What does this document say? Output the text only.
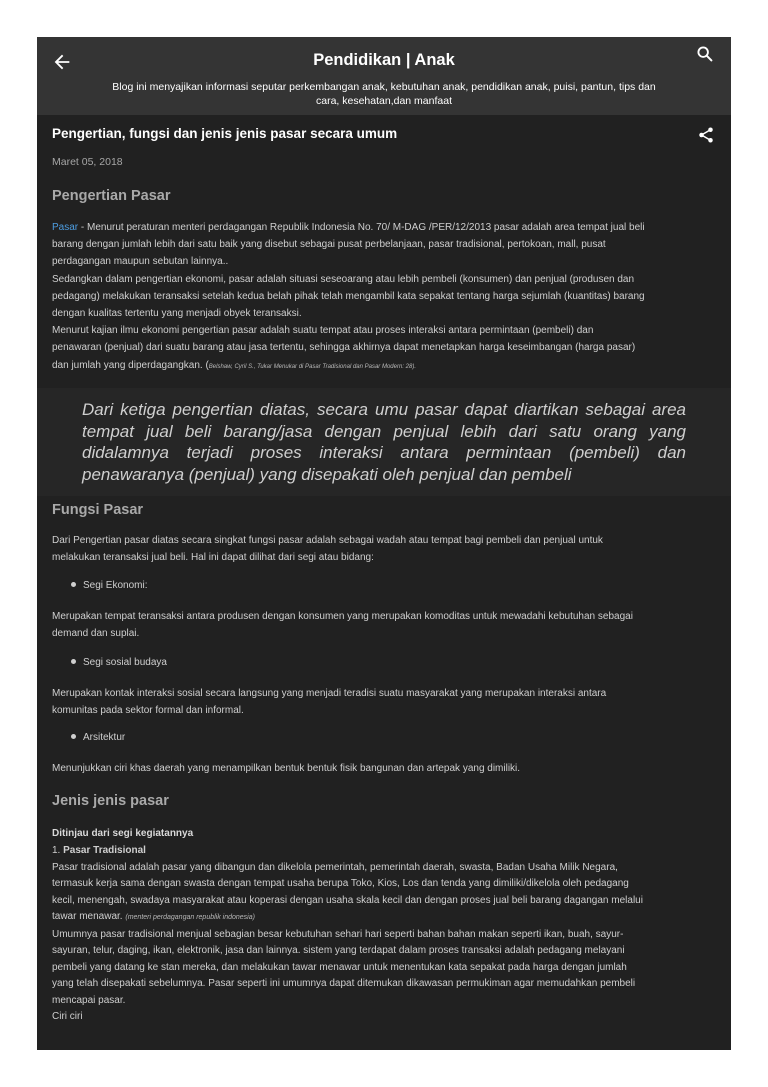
Pendidikan | Anak
Blog ini menyajikan informasi seputar perkembangan anak, kebutuhan anak, pendidikan anak, puisi, pantun, tips dan
cara, kesehatan,dan manfaat
Pengertian, fungsi dan jenis jenis pasar secara umum
Maret 05, 2018
Pengertian Pasar
Pasar - Menurut peraturan menteri perdagangan Republik Indonesia No. 70/ M-DAG /PER/12/2013 pasar adalah area tempat jual beli
barang dengan jumlah lebih dari satu baik yang disebut sebagai pusat perbelanjaan, pasar tradisional, pertokoan, mall, pusat
perdagangan maupun sebutan lainnya..
Sedangkan dalam pengertian ekonomi, pasar adalah situasi seseoarang atau lebih pembeli (konsumen) dan penjual (produsen dan
pedagang) melakukan teransaksi setelah kedua belah pihak telah mengambil kata sepakat tentang harga sejumlah (kuantitas) barang
dengan kualitas tertentu yang menjadi obyek teransaksi.
Menurut kajian ilmu ekonomi pengertian pasar adalah suatu tempat atau proses interaksi antara permintaan (pembeli) dan
penawaran (penjual) dari suatu barang atau jasa tertentu, sehingga akhirnya dapat menetapkan harga keseimbangan (harga pasar)
dan jumlah yang diperdagangkan. (Belshaw, Cyril S., Tukar Menukar di Pasar Tradisional dan Pasar Modern: 28).
Dari ketiga pengertian diatas, secara umu pasar dapat diartikan sebagai area
tempat jual beli barang/jasa dengan penjual lebih dari satu orang yang
didalamnya terjadi proses interaksi antara permintaan (pembeli) dan
penawaranya (penjual) yang disepakati oleh penjual dan pembeli
Fungsi Pasar
Dari Pengertian pasar diatas secara singkat fungsi pasar adalah sebagai wadah atau tempat bagi pembeli dan penjual untuk
melakukan teransaksi jual beli. Hal ini dapat dilihat dari segi atau bidang:
Segi Ekonomi:
Merupakan tempat teransaksi antara produsen dengan konsumen yang merupakan komoditas untuk mewadahi kebutuhan sebagai
demand dan suplai.
Segi sosial budaya
Merupakan kontak interaksi sosial secara langsung yang menjadi teradisi suatu masyarakat yang merupakan interaksi antara
komunitas pada sektor formal dan informal.
Arsitektur
Menunjukkan ciri khas daerah yang menampilkan bentuk bentuk fisik bangunan dan artepak yang dimiliki.
Jenis jenis pasar
Ditinjau dari segi kegiatannya
1. Pasar Tradisional
Pasar tradisional adalah pasar yang dibangun dan dikelola pemerintah, pemerintah daerah, swasta, Badan Usaha Milik Negara,
termasuk kerja sama dengan swasta dengan tempat usaha berupa Toko, Kios, Los dan tenda yang dimiliki/dikelola oleh pedagang
kecil, menengah, swadaya masyarakat atau koperasi dengan usaha skala kecil dan dengan proses jual beli barang dagangan melalui
tawar menawar. (menteri perdagangan republik indonesia)
Umumnya pasar tradisional menjual sebagian besar kebutuhan sehari hari seperti bahan bahan makan seperti ikan, buah, sayur-
sayuran, telur, daging, ikan, elektronik, jasa dan lainnya. sistem yang terdapat dalam proses transaksi adalah pedagang melayani
pembeli yang datang ke stan mereka, dan melakukan tawar menawar untuk menentukan kata sepakat pada harga dengan jumlah
yang telah disepakati sebelumnya. Pasar seperti ini umumnya dapat ditemukan dikawasan permukiman agar memudahkan pembeli
mencapai pasar.
Ciri ciri
